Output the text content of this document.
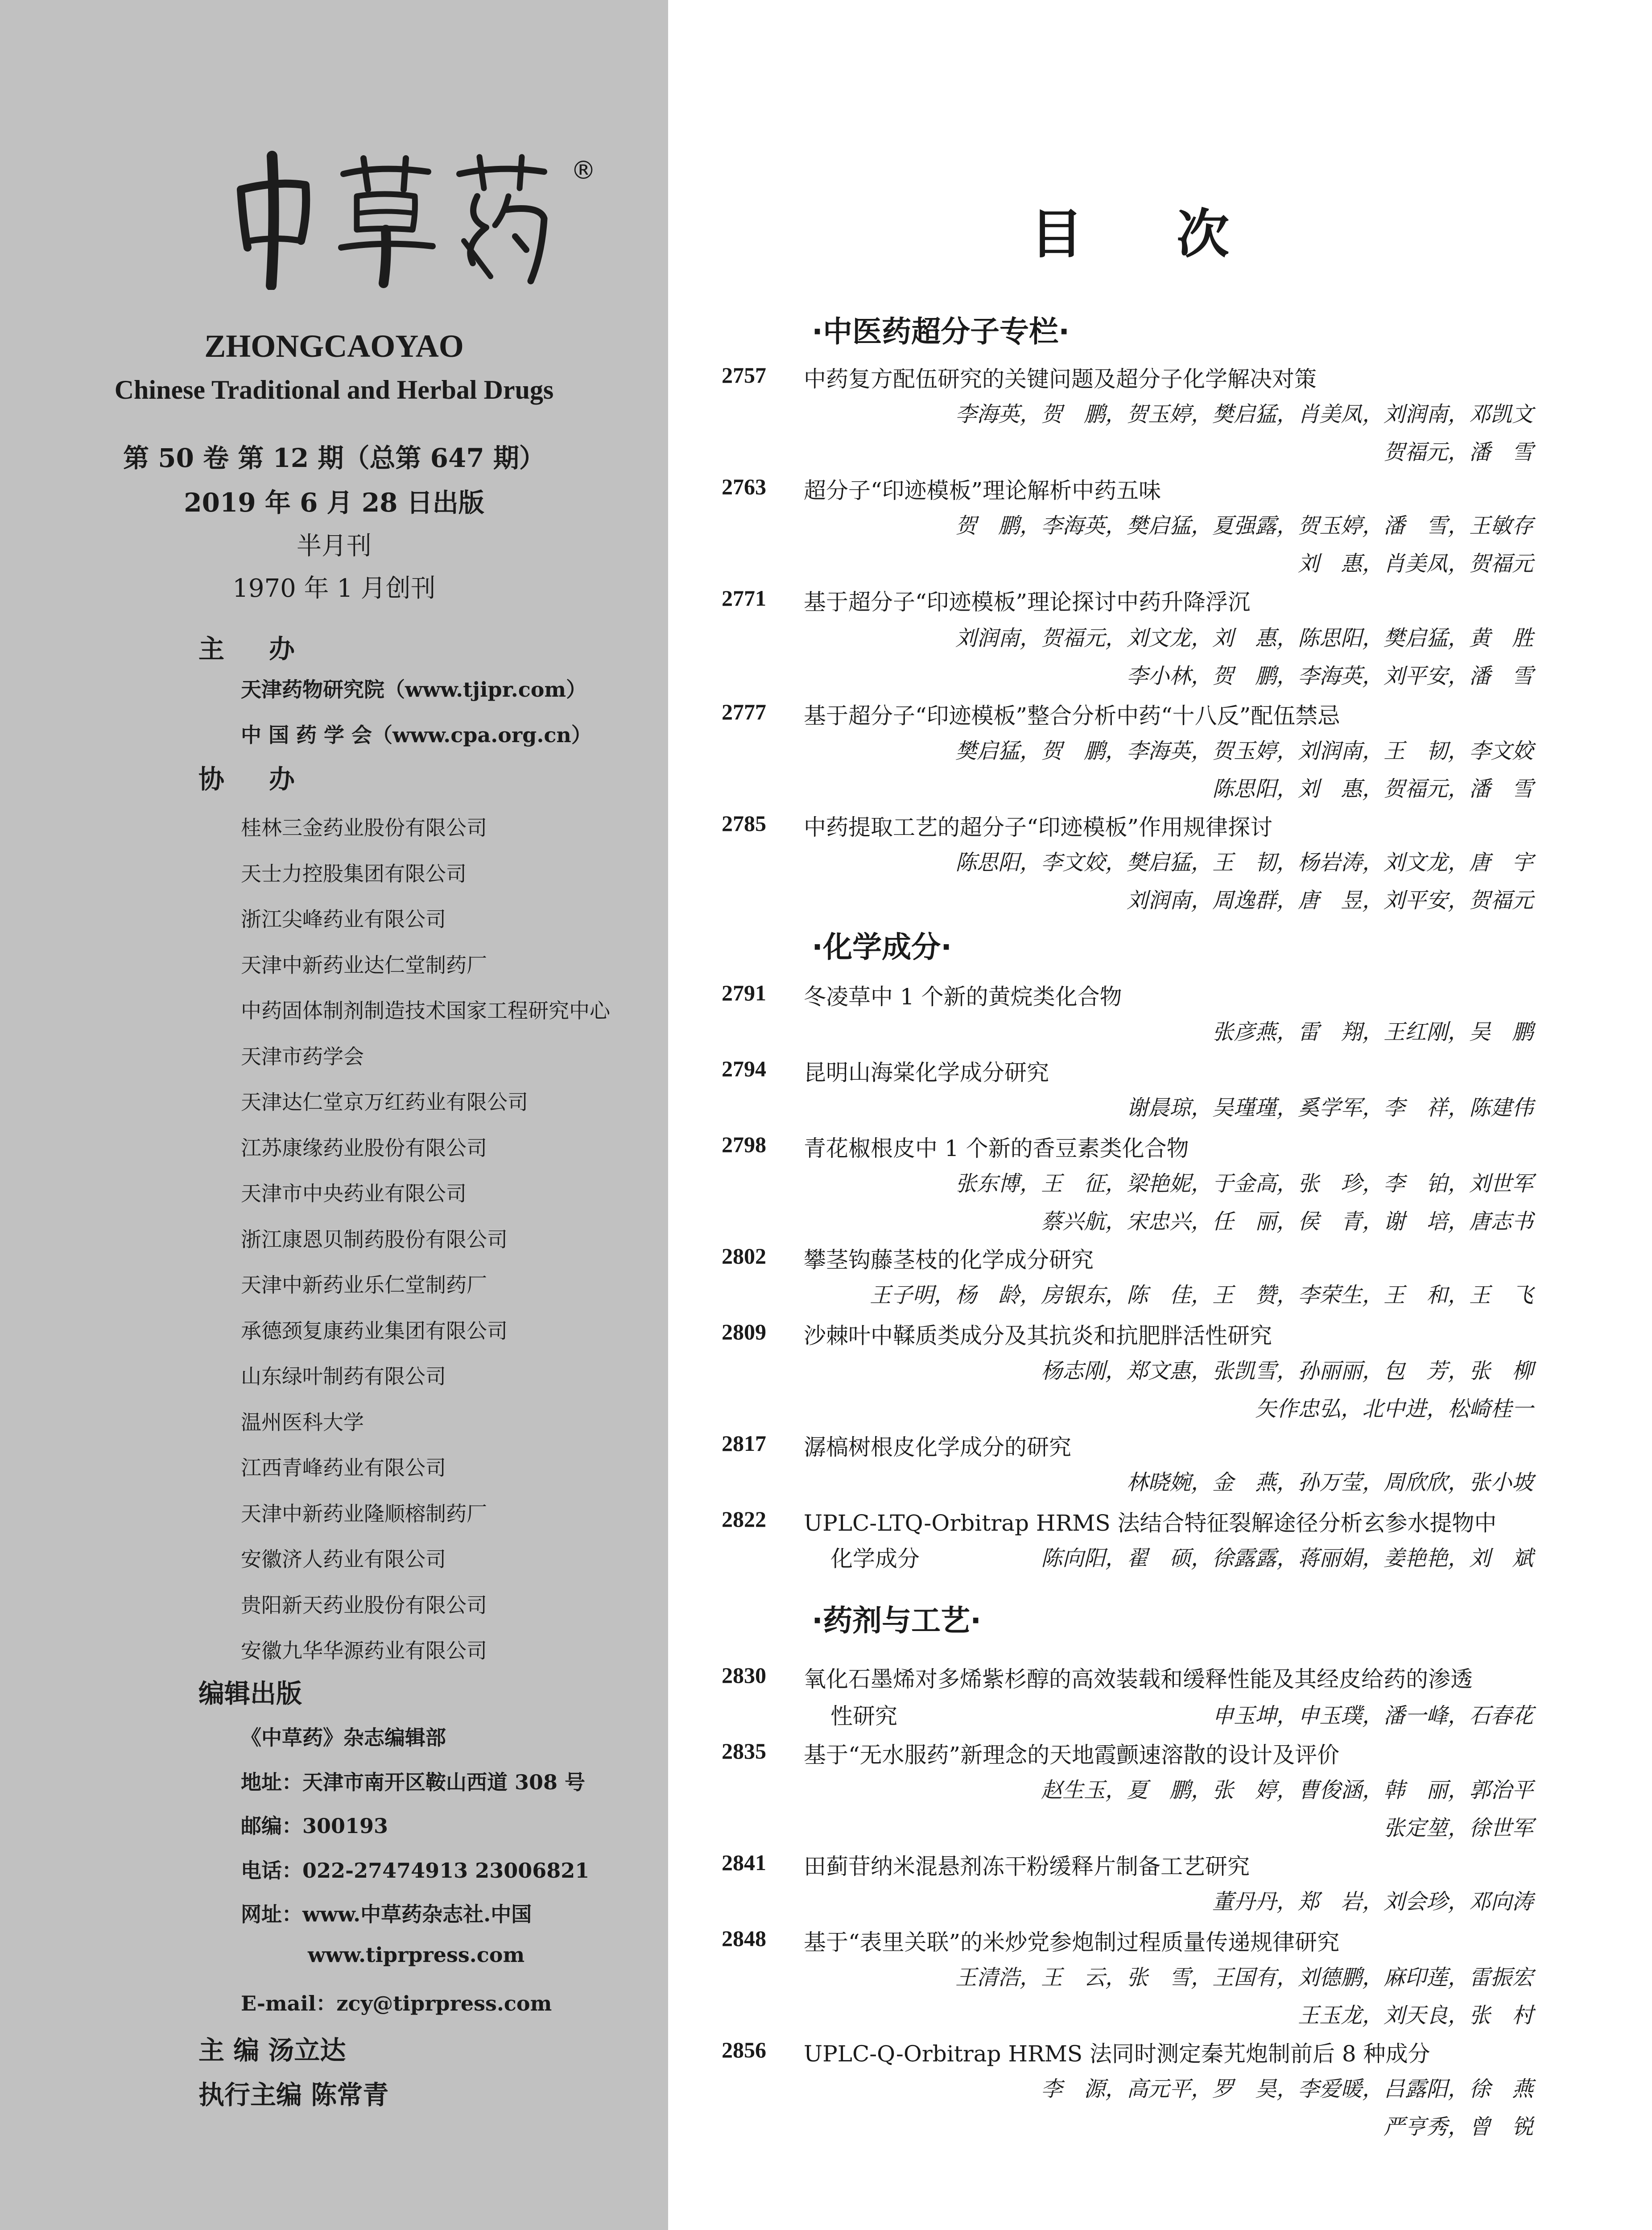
®
ZHONGCAOYAO
Chinese Traditional and Herbal Drugs
第 50 卷 第 12 期（总第 647 期）
2019 年 6 月 28 日出版
半月刊
1970 年 1 月创刊
主办
天津药物研究院（www.tjipr.com）
中 国 药 学 会（www.cpa.org.cn）
协办
桂林三金药业股份有限公司
天士力控股集团有限公司
浙江尖峰药业有限公司
天津中新药业达仁堂制药厂
中药固体制剂制造技术国家工程研究中心
天津市药学会
天津达仁堂京万红药业有限公司
江苏康缘药业股份有限公司
天津市中央药业有限公司
浙江康恩贝制药股份有限公司
天津中新药业乐仁堂制药厂
承德颈复康药业集团有限公司
山东绿叶制药有限公司
温州医科大学
江西青峰药业有限公司
天津中新药业隆顺榕制药厂
安徽济人药业有限公司
贵阳新天药业股份有限公司
安徽九华华源药业有限公司
编辑出版
《中草药》杂志编辑部
地址：天津市南开区鞍山西道 308 号
邮编：300193
电话：022-27474913 23006821
网址：www.中草药杂志社.中国
www.tiprpress.com
E-mail：zcy@tiprpress.com
主 编 汤立达
执行主编 陈常青
目次
·中医药超分子专栏·
·化学成分·
·药剂与工艺·
2757	中药复方配伍研究的关键问题及超分子化学解决对策
李海英，贺　鹏，贺玉婷，樊启猛，肖美凤，刘润南，邓凯文
贺福元，潘　雪
2763	超分子“印迹模板”理论解析中药五味
贺　鹏，李海英，樊启猛，夏强露，贺玉婷，潘　雪，王敏存
刘　惠，肖美凤，贺福元
2771	基于超分子“印迹模板”理论探讨中药升降浮沉
刘润南，贺福元，刘文龙，刘　惠，陈思阳，樊启猛，黄　胜
李小林，贺　鹏，李海英，刘平安，潘　雪
2777	基于超分子“印迹模板”整合分析中药“十八反”配伍禁忌
樊启猛，贺　鹏，李海英，贺玉婷，刘润南，王　韧，李文姣
陈思阳，刘　惠，贺福元，潘　雪
2785	中药提取工艺的超分子“印迹模板”作用规律探讨
陈思阳，李文姣，樊启猛，王　韧，杨岩涛，刘文龙，唐　宇
刘润南，周逸群，唐　昱，刘平安，贺福元
2791	冬凌草中 1 个新的黄烷类化合物
张彦燕，雷　翔，王红刚，吴　鹏
2794	昆明山海棠化学成分研究
谢晨琼，吴瑾瑾，奚学军，李　祥，陈建伟
2798	青花椒根皮中 1 个新的香豆素类化合物
张东博，王　征，梁艳妮，于金高，张　珍，李　铂，刘世军
蔡兴航，宋忠兴，任　丽，侯　青，谢　培，唐志书
2802	攀茎钩藤茎枝的化学成分研究
王子明，杨　龄，房银东，陈　佳，王　赞，李荣生，王　和，王　飞
2809	沙棘叶中鞣质类成分及其抗炎和抗肥胖活性研究
杨志刚，郑文惠，张凯雪，孙丽丽，包　芳，张　柳
矢作忠弘，北中进，松崎桂一
2817	潺槁树根皮化学成分的研究
林晓婉，金　燕，孙万莹，周欣欣，张小坡
2822	UPLC-LTQ-Orbitrap HRMS 法结合特征裂解途径分析玄参水提物中
化学成分	陈向阳，翟　硕，徐露露，蒋丽娟，姜艳艳，刘　斌
2830	氧化石墨烯对多烯紫杉醇的高效装载和缓释性能及其经皮给药的渗透
性研究	申玉坤，申玉璞，潘一峰，石春花
2835	基于“无水服药”新理念的天地霞颤速溶散的设计及评价
赵生玉，夏　鹏，张　婷，曹俊涵，韩　丽，郭治平
张定堃，徐世军
2841	田蓟苷纳米混悬剂冻干粉缓释片制备工艺研究
董丹丹，郑　岩，刘会珍，邓向涛
2848	基于“表里关联”的米炒党参炮制过程质量传递规律研究
王清浩，王　云，张　雪，王国有，刘德鹏，麻印莲，雷振宏
王玉龙，刘天良，张　村
2856	UPLC-Q-Orbitrap HRMS 法同时测定秦艽炮制前后 8 种成分
李　源，高元平，罗　昊，李爱暖，吕露阳，徐　燕
严亨秀，曾　锐
